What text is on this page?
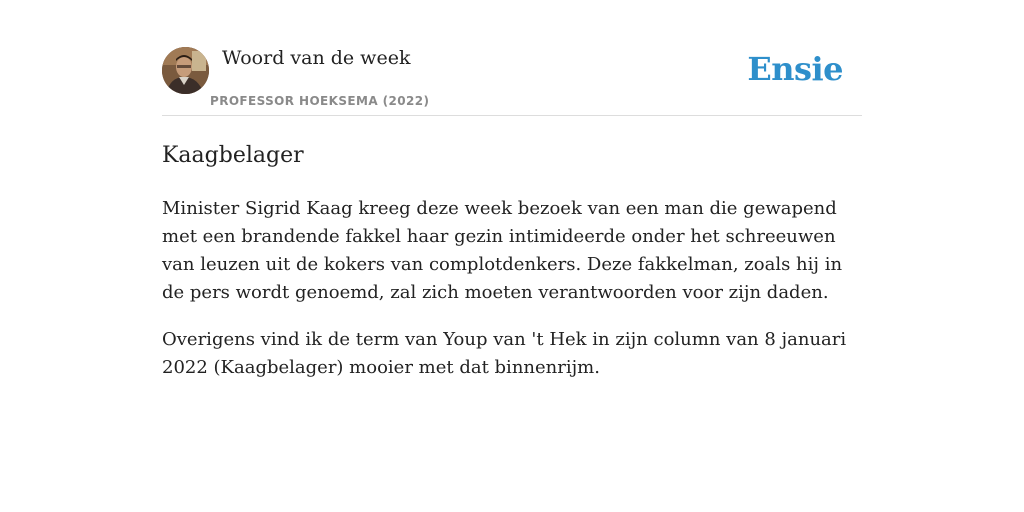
Woord van de week
PROFESSOR HOEKSEMA (2022)
Ensie
Kaagbelager

Minister Sigrid Kaag kreeg deze week bezoek van een man die gewapend met een brandende fakkel haar gezin intimideerde onder het schreeuwen van leuzen uit de kokers van complotdenkers. Deze fakkelman, zoals hij in de pers wordt genoemd, zal zich moeten verantwoorden voor zijn daden.

Overigens vind ik de term van Youp van 't Hek in zijn column van 8 januari 2022 (Kaagbelager) mooier met dat binnenrijm.
